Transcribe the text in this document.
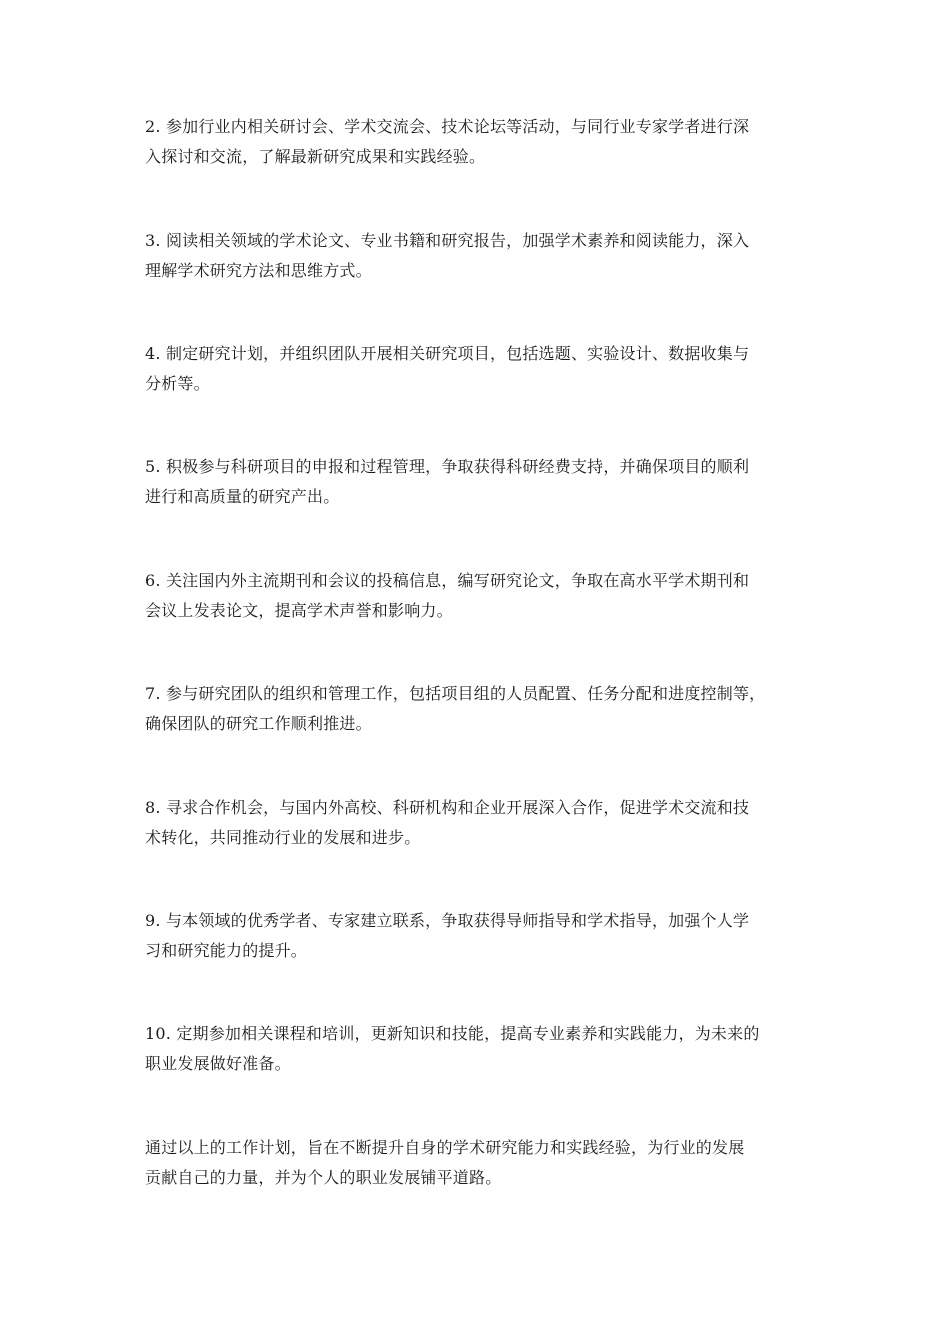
2. 参加行业内相关研讨会、学术交流会、技术论坛等活动，与同行业专家学者进行深
入探讨和交流，了解最新研究成果和实践经验。

3. 阅读相关领域的学术论文、专业书籍和研究报告，加强学术素养和阅读能力，深入
理解学术研究方法和思维方式。

4. 制定研究计划，并组织团队开展相关研究项目，包括选题、实验设计、数据收集与
分析等。

5. 积极参与科研项目的申报和过程管理，争取获得科研经费支持，并确保项目的顺利
进行和高质量的研究产出。

6. 关注国内外主流期刊和会议的投稿信息，编写研究论文，争取在高水平学术期刊和
会议上发表论文，提高学术声誉和影响力。

7. 参与研究团队的组织和管理工作，包括项目组的人员配置、任务分配和进度控制等，
确保团队的研究工作顺利推进。

8. 寻求合作机会，与国内外高校、科研机构和企业开展深入合作，促进学术交流和技
术转化，共同推动行业的发展和进步。

9. 与本领域的优秀学者、专家建立联系，争取获得导师指导和学术指导，加强个人学
习和研究能力的提升。

10. 定期参加相关课程和培训，更新知识和技能，提高专业素养和实践能力，为未来的
职业发展做好准备。

通过以上的工作计划，旨在不断提升自身的学术研究能力和实践经验，为行业的发展
贡献自己的力量，并为个人的职业发展铺平道路。
